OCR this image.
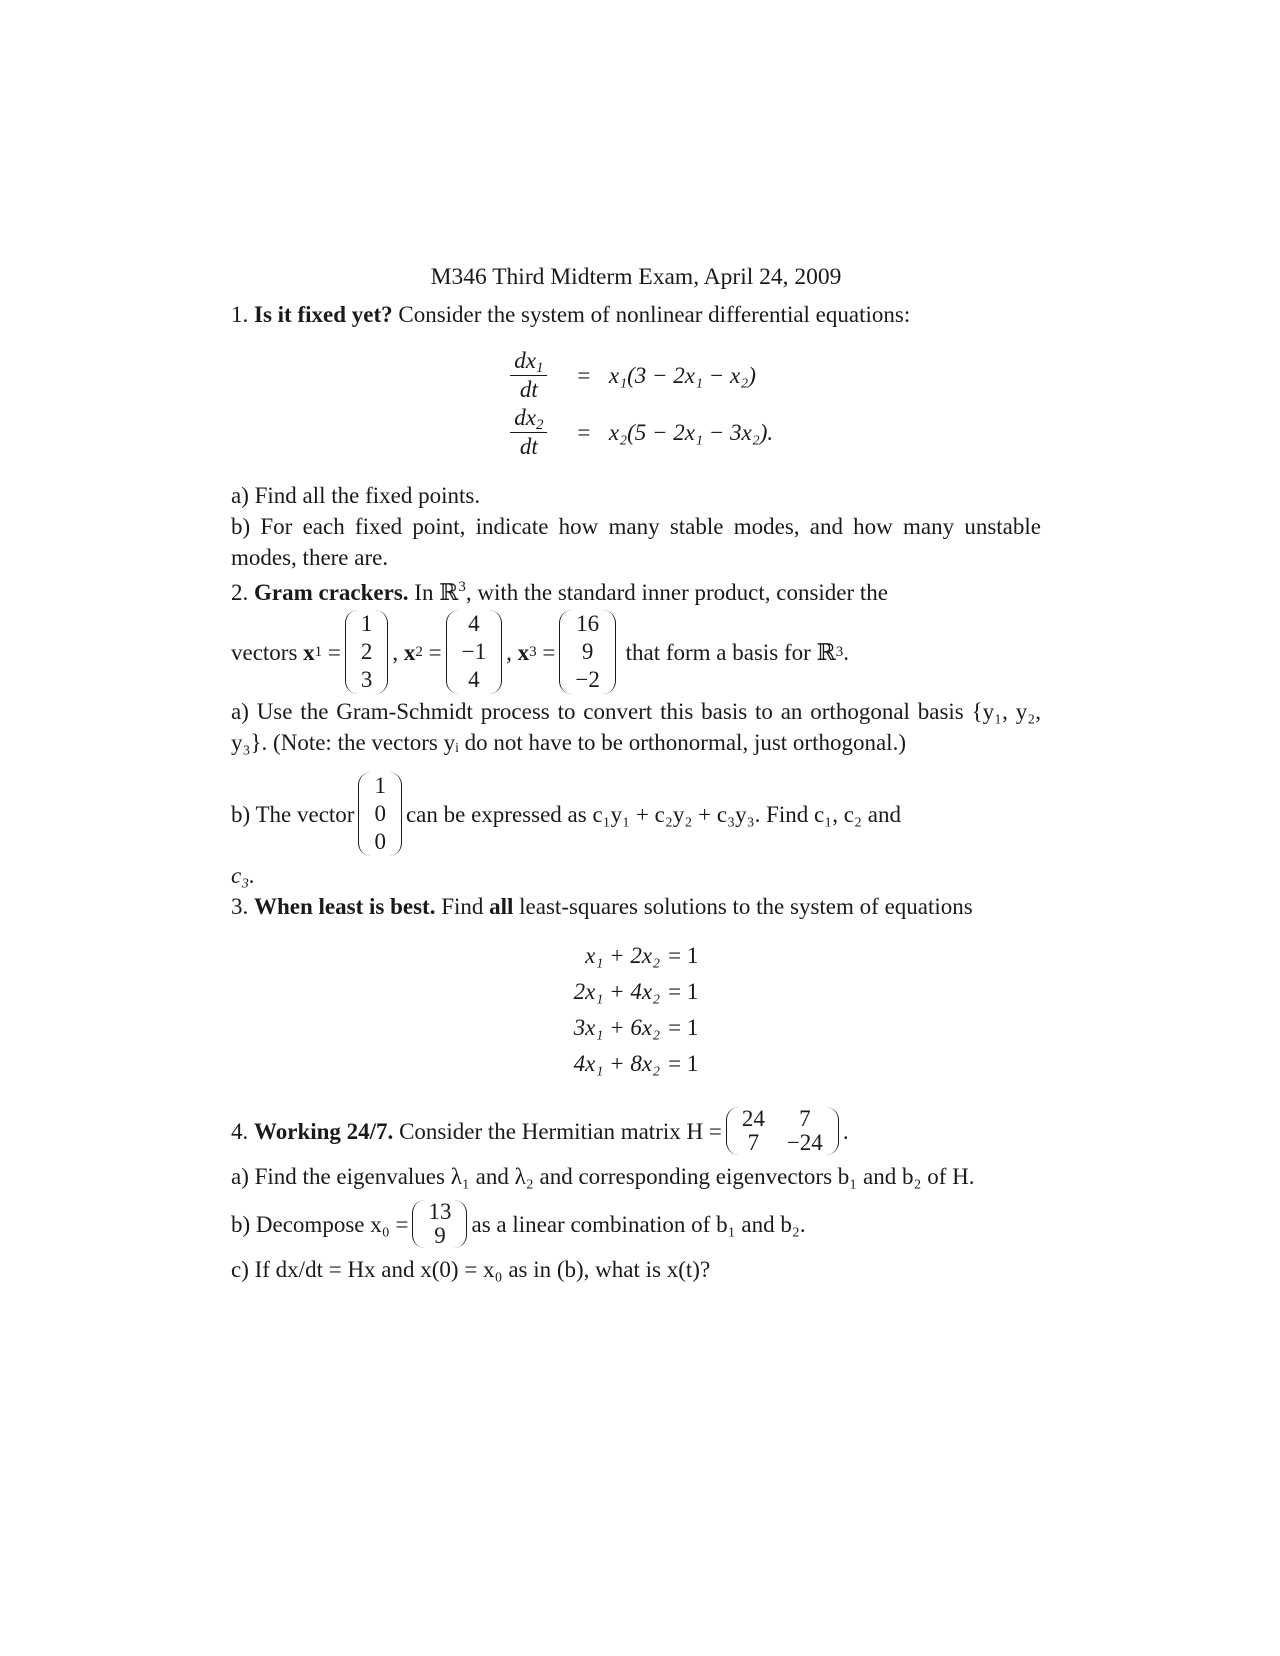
M346 Third Midterm Exam, April 24, 2009

1. Is it fixed yet? Consider the system of nonlinear differential equations:

$\frac{dx_1}{dt} = x_1(3 - 2x_1 - x_2)$
$\frac{dx_2}{dt} = x_2(5 - 2x_1 - 3x_2)$.

a) Find all the fixed points.

b) For each fixed point, indicate how many stable modes, and how many unstable modes, there are.

2. Gram crackers. In ℝ$^3$, with the standard inner product, consider the

vectors
x 1 =
1
2
3
, x 2 =
4
−1
4
, x 3 =
16
9
−2

that form a basis for ℝ 3 .

a) Use the Gram-Schmidt process to convert this basis to an orthogonal basis {y₁, y₂, y₃}. (Note: the vectors yᵢ do not have to be orthonormal, just orthogonal.)

b) The vector
1
0
0
can be expressed as c₁y₁ + c₂y₂ + c₃y₃. Find c₁, c₂ and

c₃.

3. When least is best. Find all least-squares solutions to the system of equations

x₁ + 2x₂ = 1
2x₁ + 4x₂ = 1
3x₁ + 6x₂ = 1
4x₁ + 8x₂ = 1
4.
Working 24/7.
Consider the Hermitian matrix H = 24	7
7 −24 .

a) Find the eigenvalues λ₁ and λ₂ and corresponding eigenvectors b₁ and b₂ of H.

b) Decompose x₀ = 13
9 as a linear combination of b₁ and b₂.

c) If dx/dt = Hx and x(0) = x₀ as in (b), what is x(t)?
